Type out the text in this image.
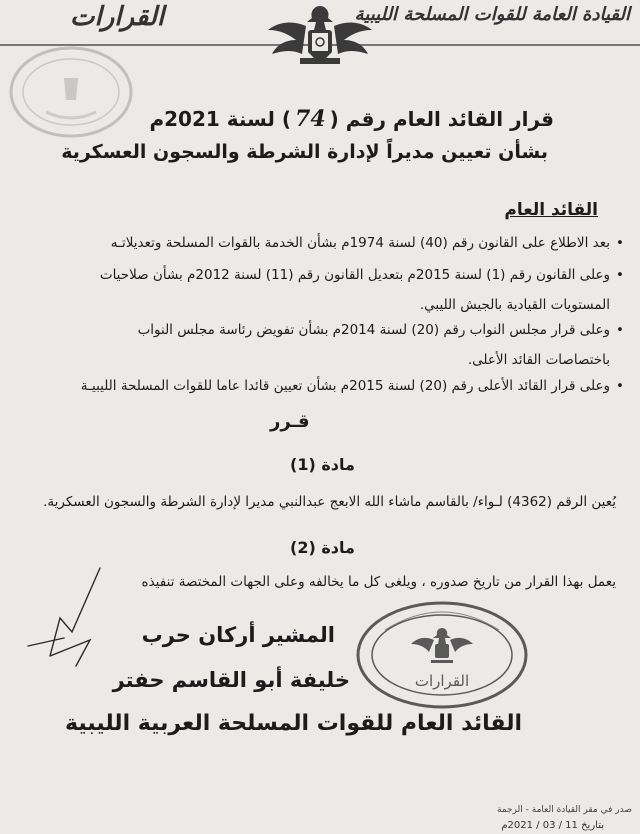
القرارات	القيادة العامة للقوات المسلحة الليبية
قرار القائد العام رقم (74) لسنة 2021م
بشأن تعيين مديراً لإدارة الشرطة والسجون العسكرية
القائد العام
• بعد الاطلاع على القانون رقم (40) لسنة 1974م بشأن الخدمة بالقوات المسلحة وتعديلاتـه
• وعلى القانون رقم (1) لسنة 2015م بتعديل القانون رقم (11) لسنة 2012م بشأن صلاحيات
المستويات القيادية بالجيش الليبي.
• وعلى قرار مجلس النواب رقم (20) لسنة 2014م بشأن تفويض رئاسة مجلس النواب
باختصاصات القائد الأعلى.
• وعلى قرار القائد الأعلى رقم (20) لسنة 2015م بشأن تعيين قائدا عاما للقوات المسلحة الليبيـة
قـرر
مادة (1)
يُعين الرقم (4362) لـواء/ بالقاسم ماشاء الله الابعج عبدالنبي مديرا لإدارة الشرطة والسجون العسكرية.
مادة (2)
يعمل بهذا القرار من تاريخ صدوره ، ويلغى كل ما يخالفه وعلى الجهات المختصة تنفيذه
المشير أركان حرب
خليفة أبو القاسم حفتر
القائد العام للقوات المسلحة العربية الليبية
القرارات
صدر في مقر القيادة العامة - الرجمة
بتاريخ 11 / 03 / 2021م
